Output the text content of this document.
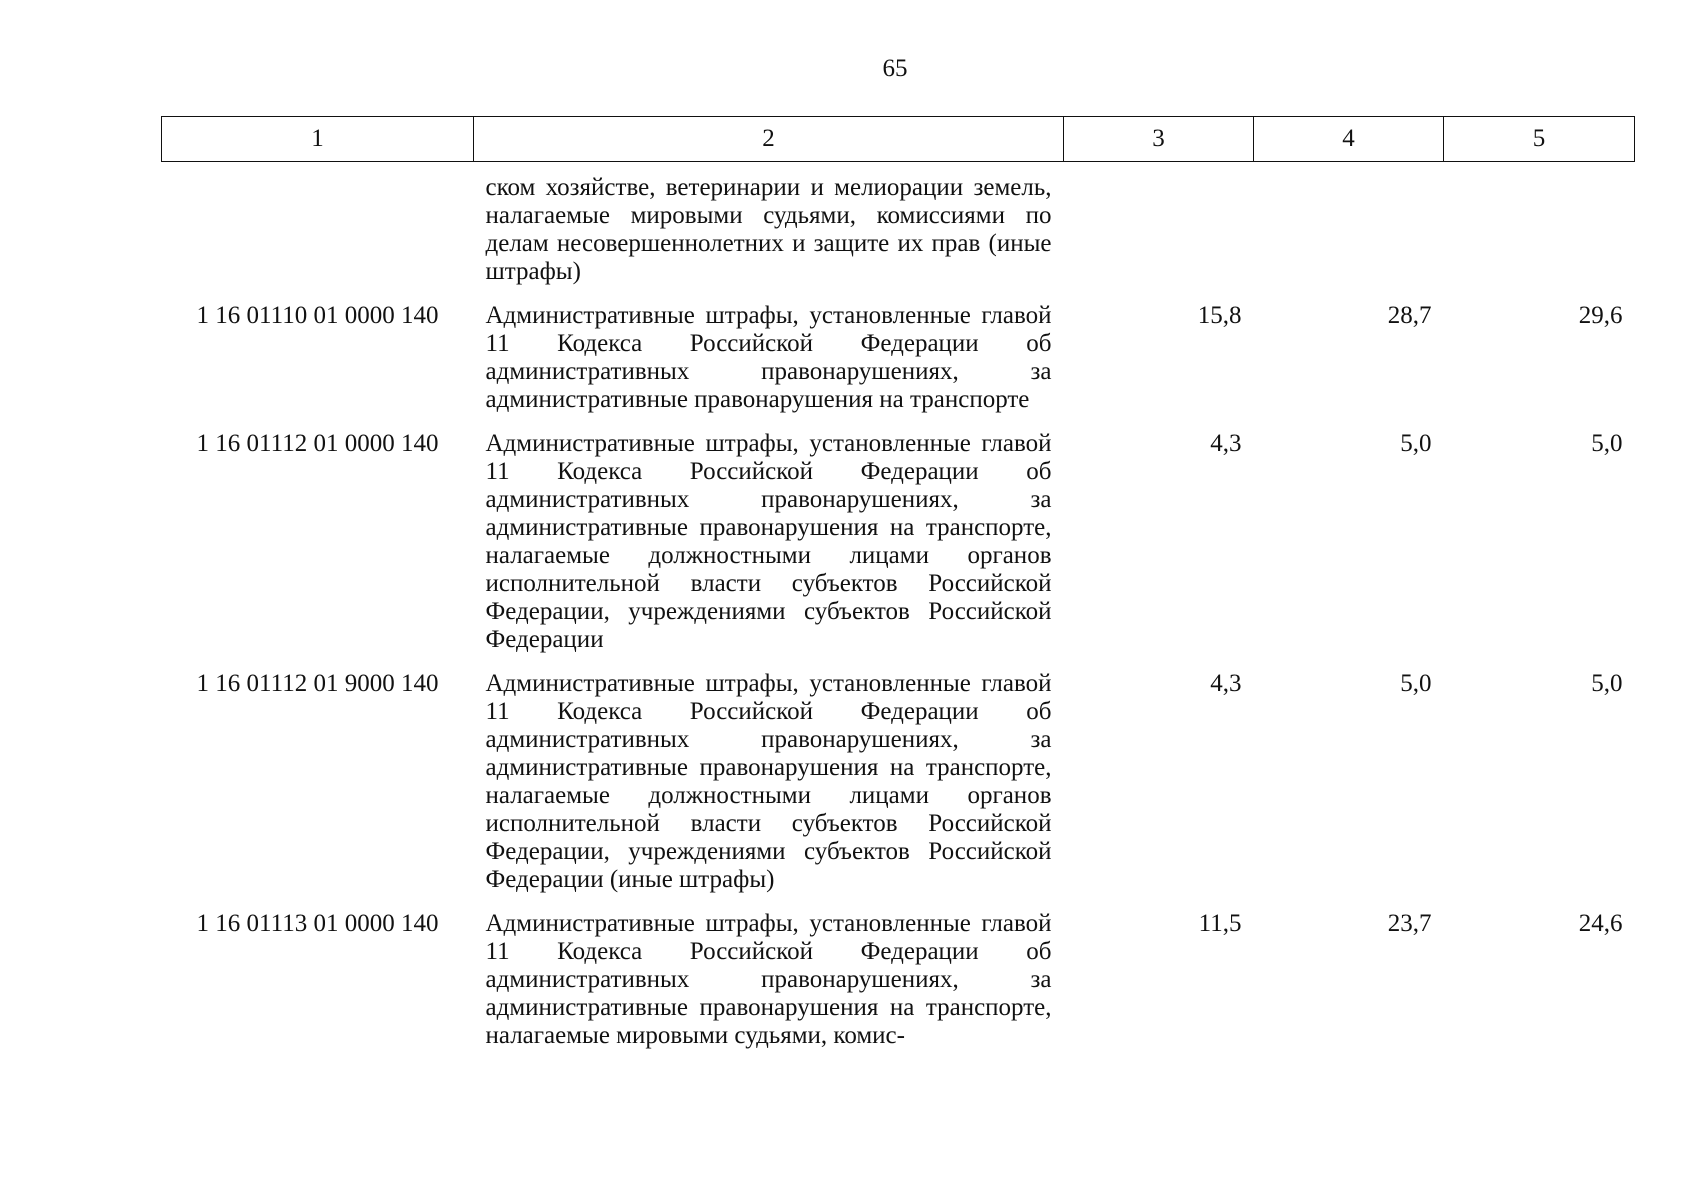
65
1	2	3	4	5
	ском хозяйстве, ветеринарии и мелиорации земель, налагаемые мировыми судьями, комиссиями по делам несовершеннолетних и защите их прав (иные штрафы)			
1 16 01110 01 0000 140	Административные штрафы, установленные главой 11 Кодекса Российской Федерации об административных правонарушениях, за административные правонарушения на транспорте	15,8	28,7	29,6
1 16 01112 01 0000 140	Административные штрафы, установленные главой 11 Кодекса Российской Федерации об административных правонарушениях, за административные правонарушения на транспорте, налагаемые должностными лицами органов исполнительной власти субъектов Российской Федерации, учреждениями субъектов Российской Федерации	4,3	5,0	5,0
1 16 01112 01 9000 140	Административные штрафы, установленные главой 11 Кодекса Российской Федерации об административных правонарушениях, за административные правонарушения на транспорте, налагаемые должностными лицами органов исполнительной власти субъектов Российской Федерации, учреждениями субъектов Российской Федерации (иные штрафы)	4,3	5,0	5,0
1 16 01113 01 0000 140	Административные штрафы, установленные главой 11 Кодекса Российской Федерации об административных правонарушениях, за административные правонарушения на транспорте, налагаемые мировыми судьями, комис-	11,5	23,7	24,6
